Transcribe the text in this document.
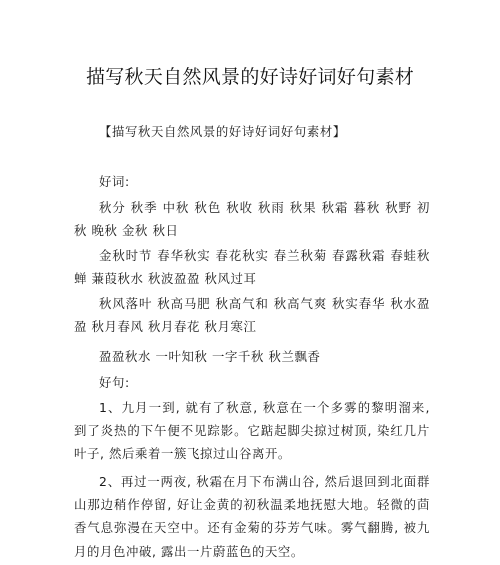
描写秋天自然风景的好诗好词好句素材

【描写秋天自然风景的好诗好词好句素材】

好词:

秋分 秋季 中秋 秋色 秋收 秋雨 秋果 秋霜 暮秋 秋野 初秋 晚秋 金秋 秋日

金秋时节 春华秋实 春花秋实 春兰秋菊 春露秋霜 春蛙秋蝉 蒹葭秋水 秋波盈盈 秋风过耳

秋风落叶 秋高马肥 秋高气和 秋高气爽 秋实春华 秋水盈盈 秋月春风 秋月春花 秋月寒江

盈盈秋水 一叶知秋 一字千秋 秋兰飘香

好句:

1、九月一到, 就有了秋意, 秋意在一个多雾的黎明溜来, 到了炎热的下午便不见踪影。它踮起脚尖掠过树顶, 染红几片叶子, 然后乘着一簇飞掠过山谷离开。

2、再过一两夜, 秋霜在月下布满山谷, 然后退回到北面群山那边稍作停留, 好让金黄的初秋温柔地抚慰大地。轻微的茴香气息弥漫在天空中。还有金菊的芬芳气味。雾气翻腾, 被九月的月色冲破, 露出一片蔚蓝色的天空。
